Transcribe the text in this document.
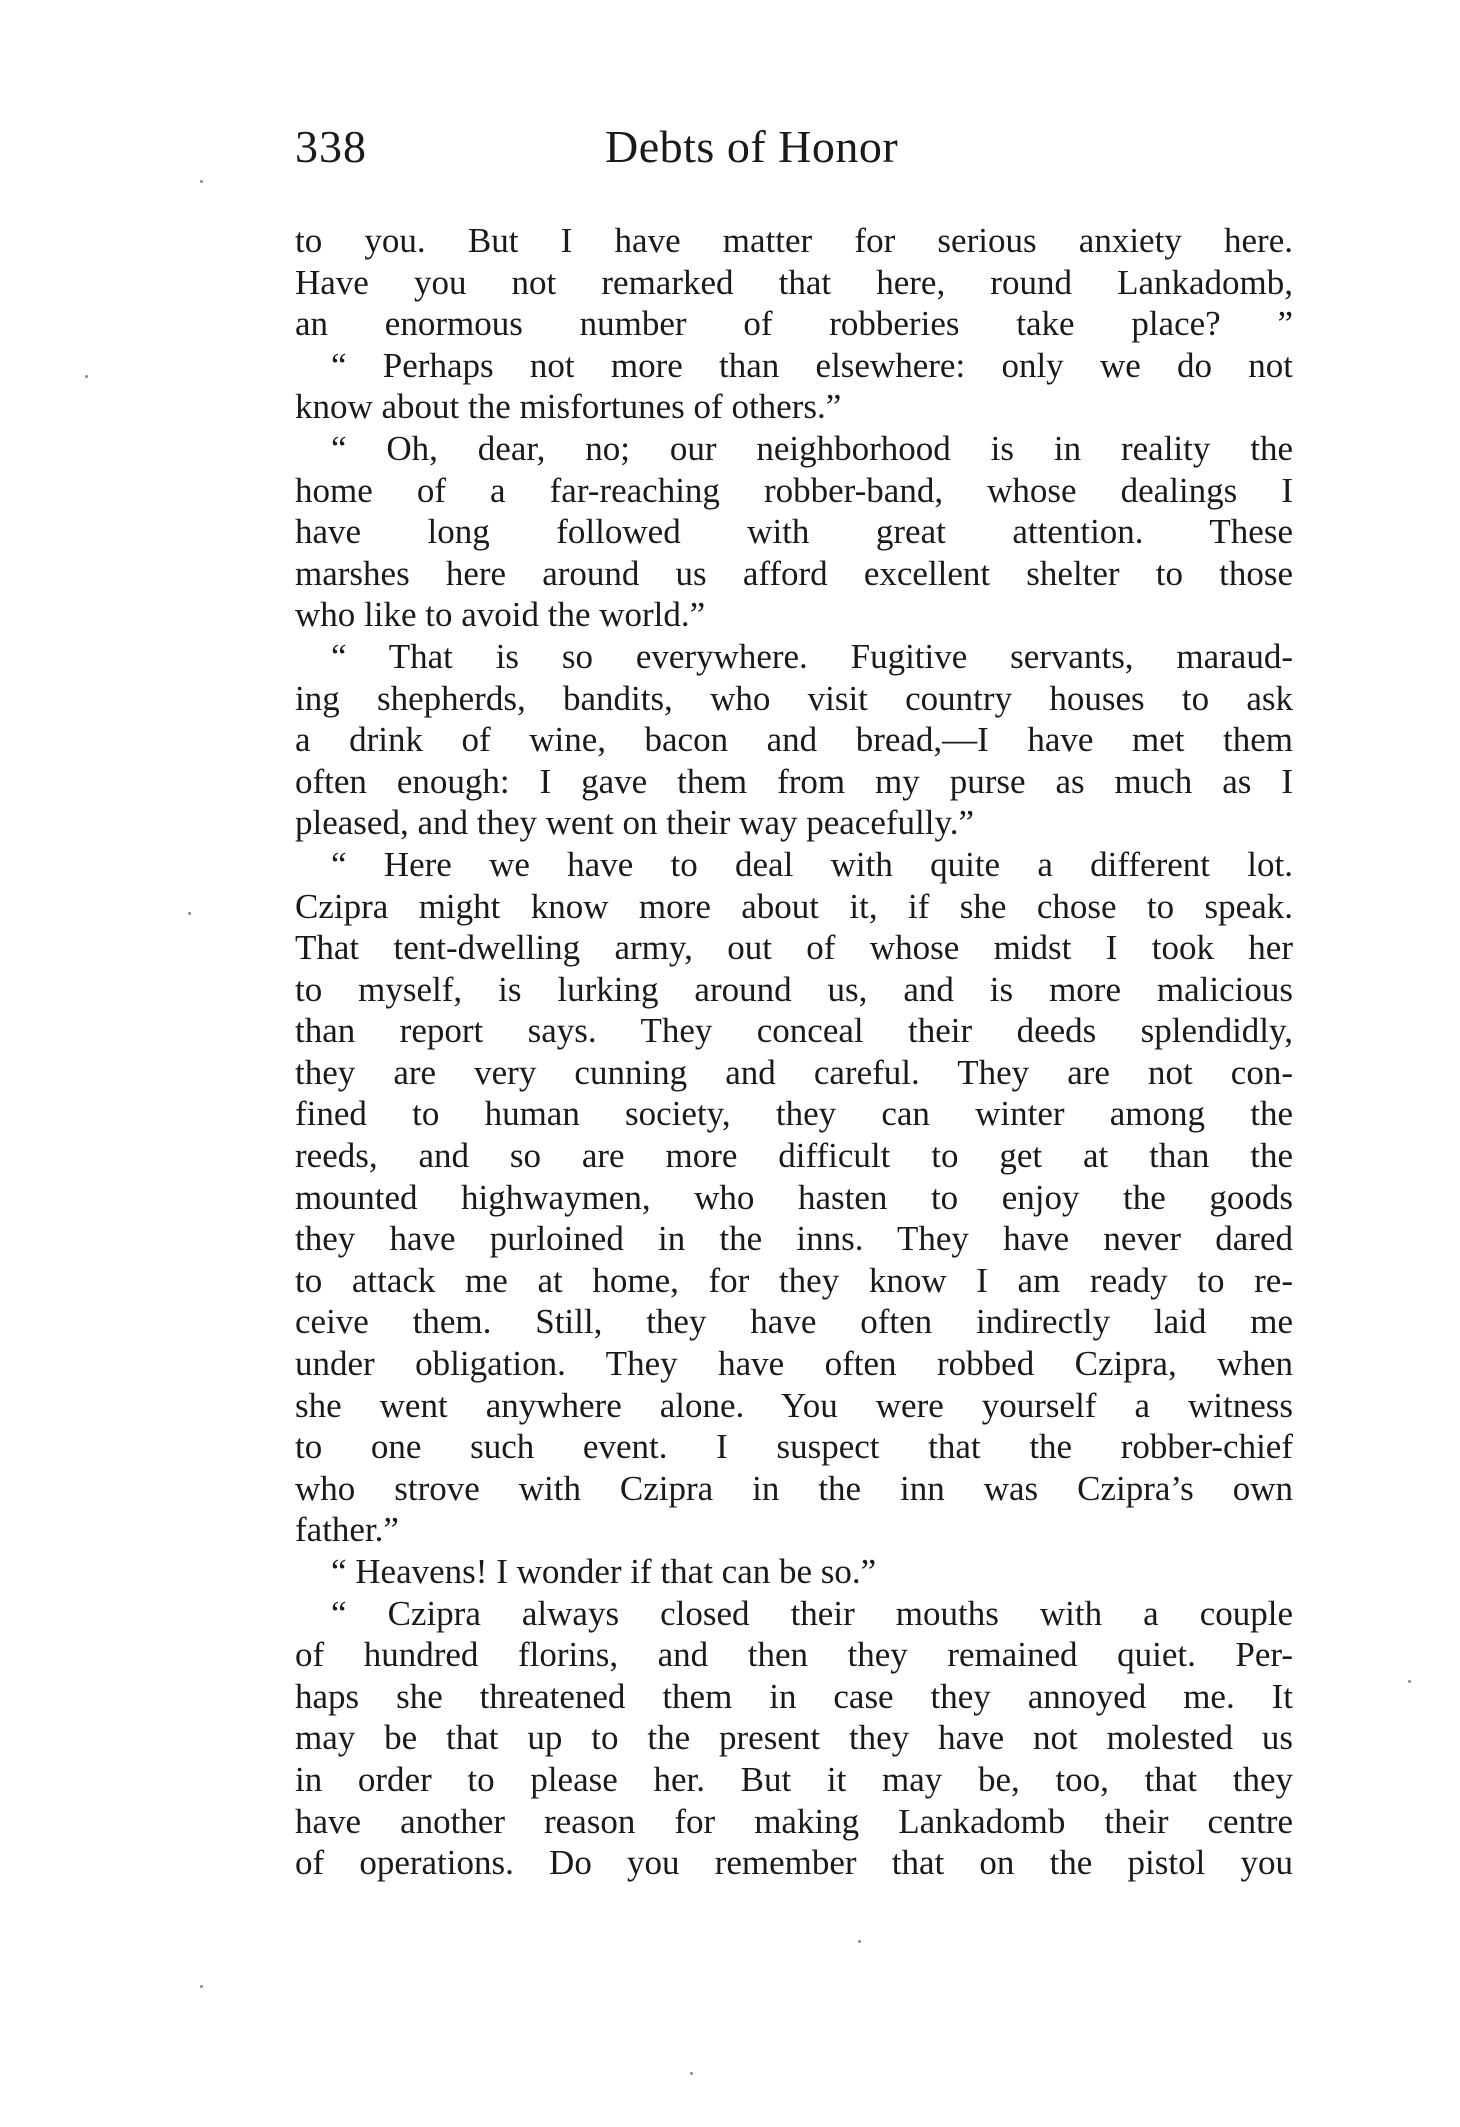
338	Debts of Honor
to you. But I have matter for serious anxiety here.
Have you not remarked that here, round Lankadomb,
an enormous number of robberies take place? ”
“ Perhaps not more than elsewhere: only we do not
know about the misfortunes of others.”
“ Oh, dear, no; our neighborhood is in reality the
home of a far-reaching robber-band, whose dealings I
have long followed with great attention. These
marshes here around us afford excellent shelter to those
who like to avoid the world.”
“ That is so everywhere. Fugitive servants, maraud-
ing shepherds, bandits, who visit country houses to ask
a drink of wine, bacon and bread,—I have met them
often enough: I gave them from my purse as much as I
pleased, and they went on their way peacefully.”
“ Here we have to deal with quite a different lot.
Czipra might know more about it, if she chose to speak.
That tent-dwelling army, out of whose midst I took her
to myself, is lurking around us, and is more malicious
than report says. They conceal their deeds splendidly,
they are very cunning and careful. They are not con-
fined to human society, they can winter among the
reeds, and so are more difficult to get at than the
mounted highwaymen, who hasten to enjoy the goods
they have purloined in the inns. They have never dared
to attack me at home, for they know I am ready to re-
ceive them. Still, they have often indirectly laid me
under obligation. They have often robbed Czipra, when
she went anywhere alone. You were yourself a witness
to one such event. I suspect that the robber-chief
who strove with Czipra in the inn was Czipra’s own
father.”
“ Heavens! I wonder if that can be so.”
“ Czipra always closed their mouths with a couple
of hundred florins, and then they remained quiet. Per-
haps she threatened them in case they annoyed me. It
may be that up to the present they have not molested us
in order to please her. But it may be, too, that they
have another reason for making Lankadomb their centre
of operations. Do you remember that on the pistol you
